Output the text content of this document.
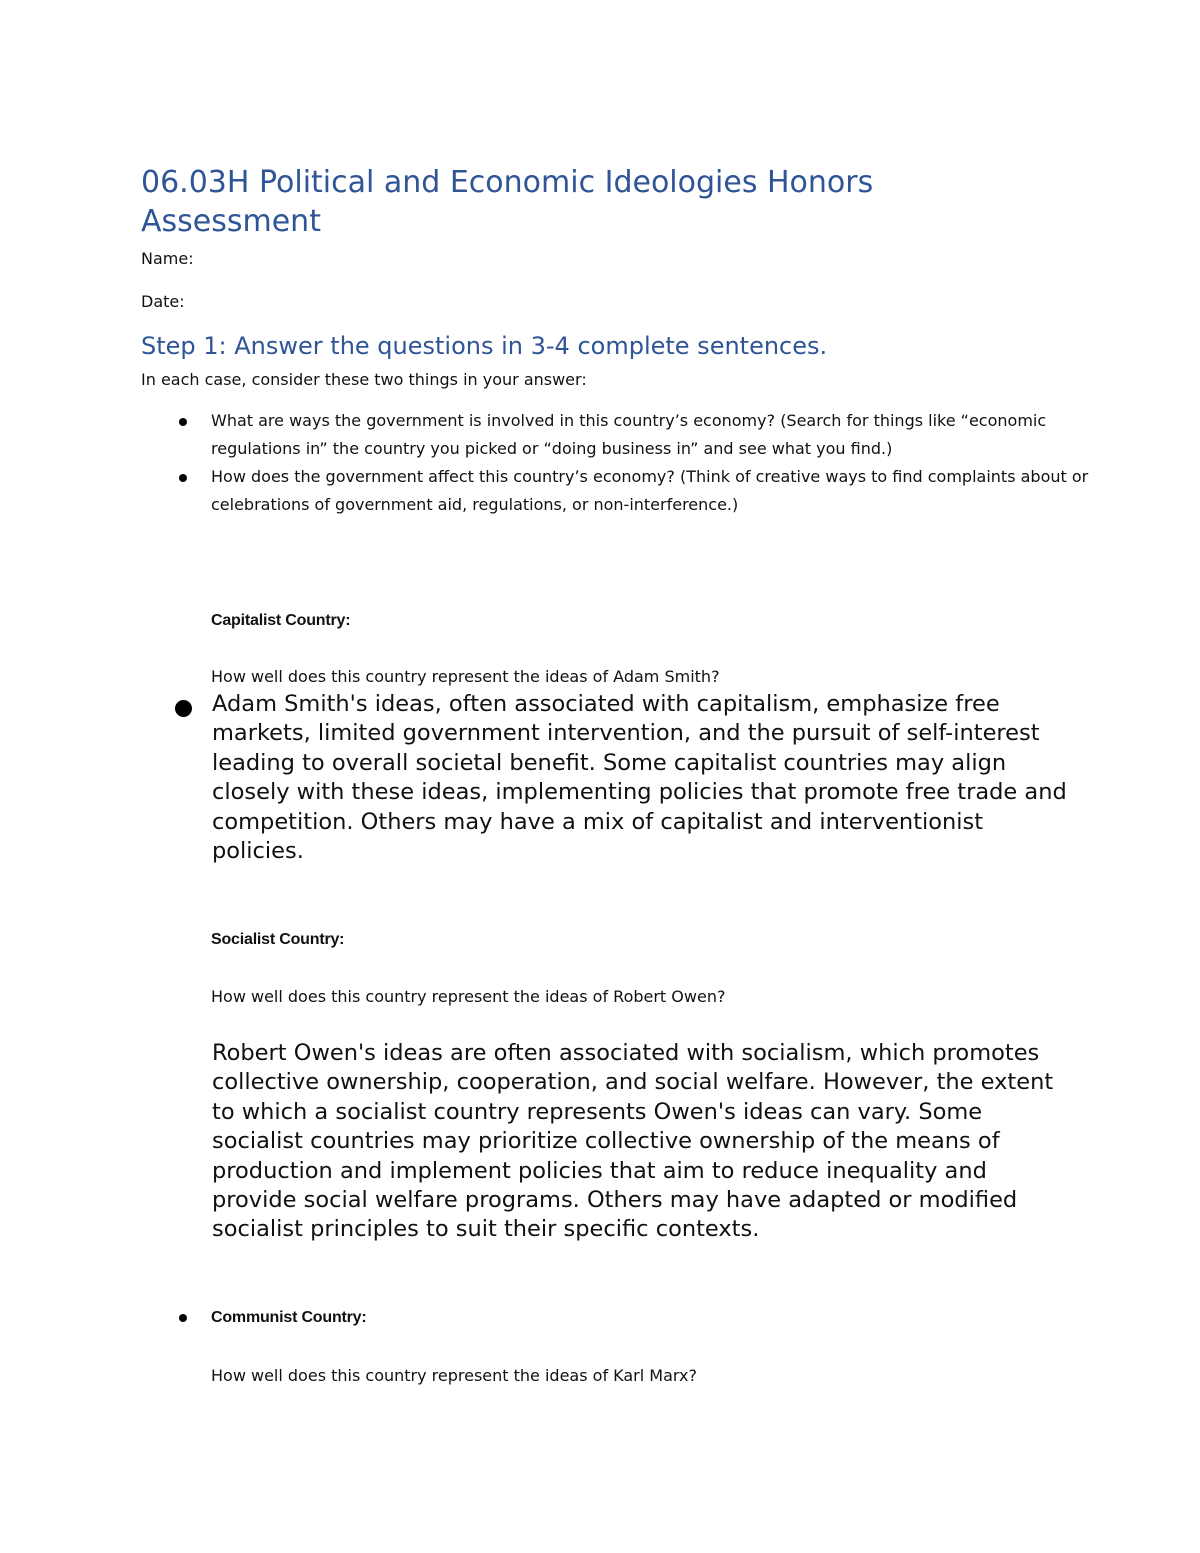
06.03H Political and Economic Ideologies Honors Assessment
Name:
Date:
Step 1: Answer the questions in 3-4 complete sentences.
In each case, consider these two things in your answer:
What are ways the government is involved in this country’s economy? (Search for things like “economic regulations in” the country you picked or “doing business in” and see what you find.)
How does the government affect this country’s economy? (Think of creative ways to find complaints about or celebrations of government aid, regulations, or non-interference.)
Capitalist Country:
How well does this country represent the ideas of Adam Smith?
Adam Smith's ideas, often associated with capitalism, emphasize free markets, limited government intervention, and the pursuit of self-interest leading to overall societal benefit. Some capitalist countries may align closely with these ideas, implementing policies that promote free trade and competition. Others may have a mix of capitalist and interventionist policies.
Socialist Country:
How well does this country represent the ideas of Robert Owen?
Robert Owen's ideas are often associated with socialism, which promotes collective ownership, cooperation, and social welfare. However, the extent to which a socialist country represents Owen's ideas can vary. Some socialist countries may prioritize collective ownership of the means of production and implement policies that aim to reduce inequality and provide social welfare programs. Others may have adapted or modified socialist principles to suit their specific contexts.
Communist Country:
How well does this country represent the ideas of Karl Marx?
